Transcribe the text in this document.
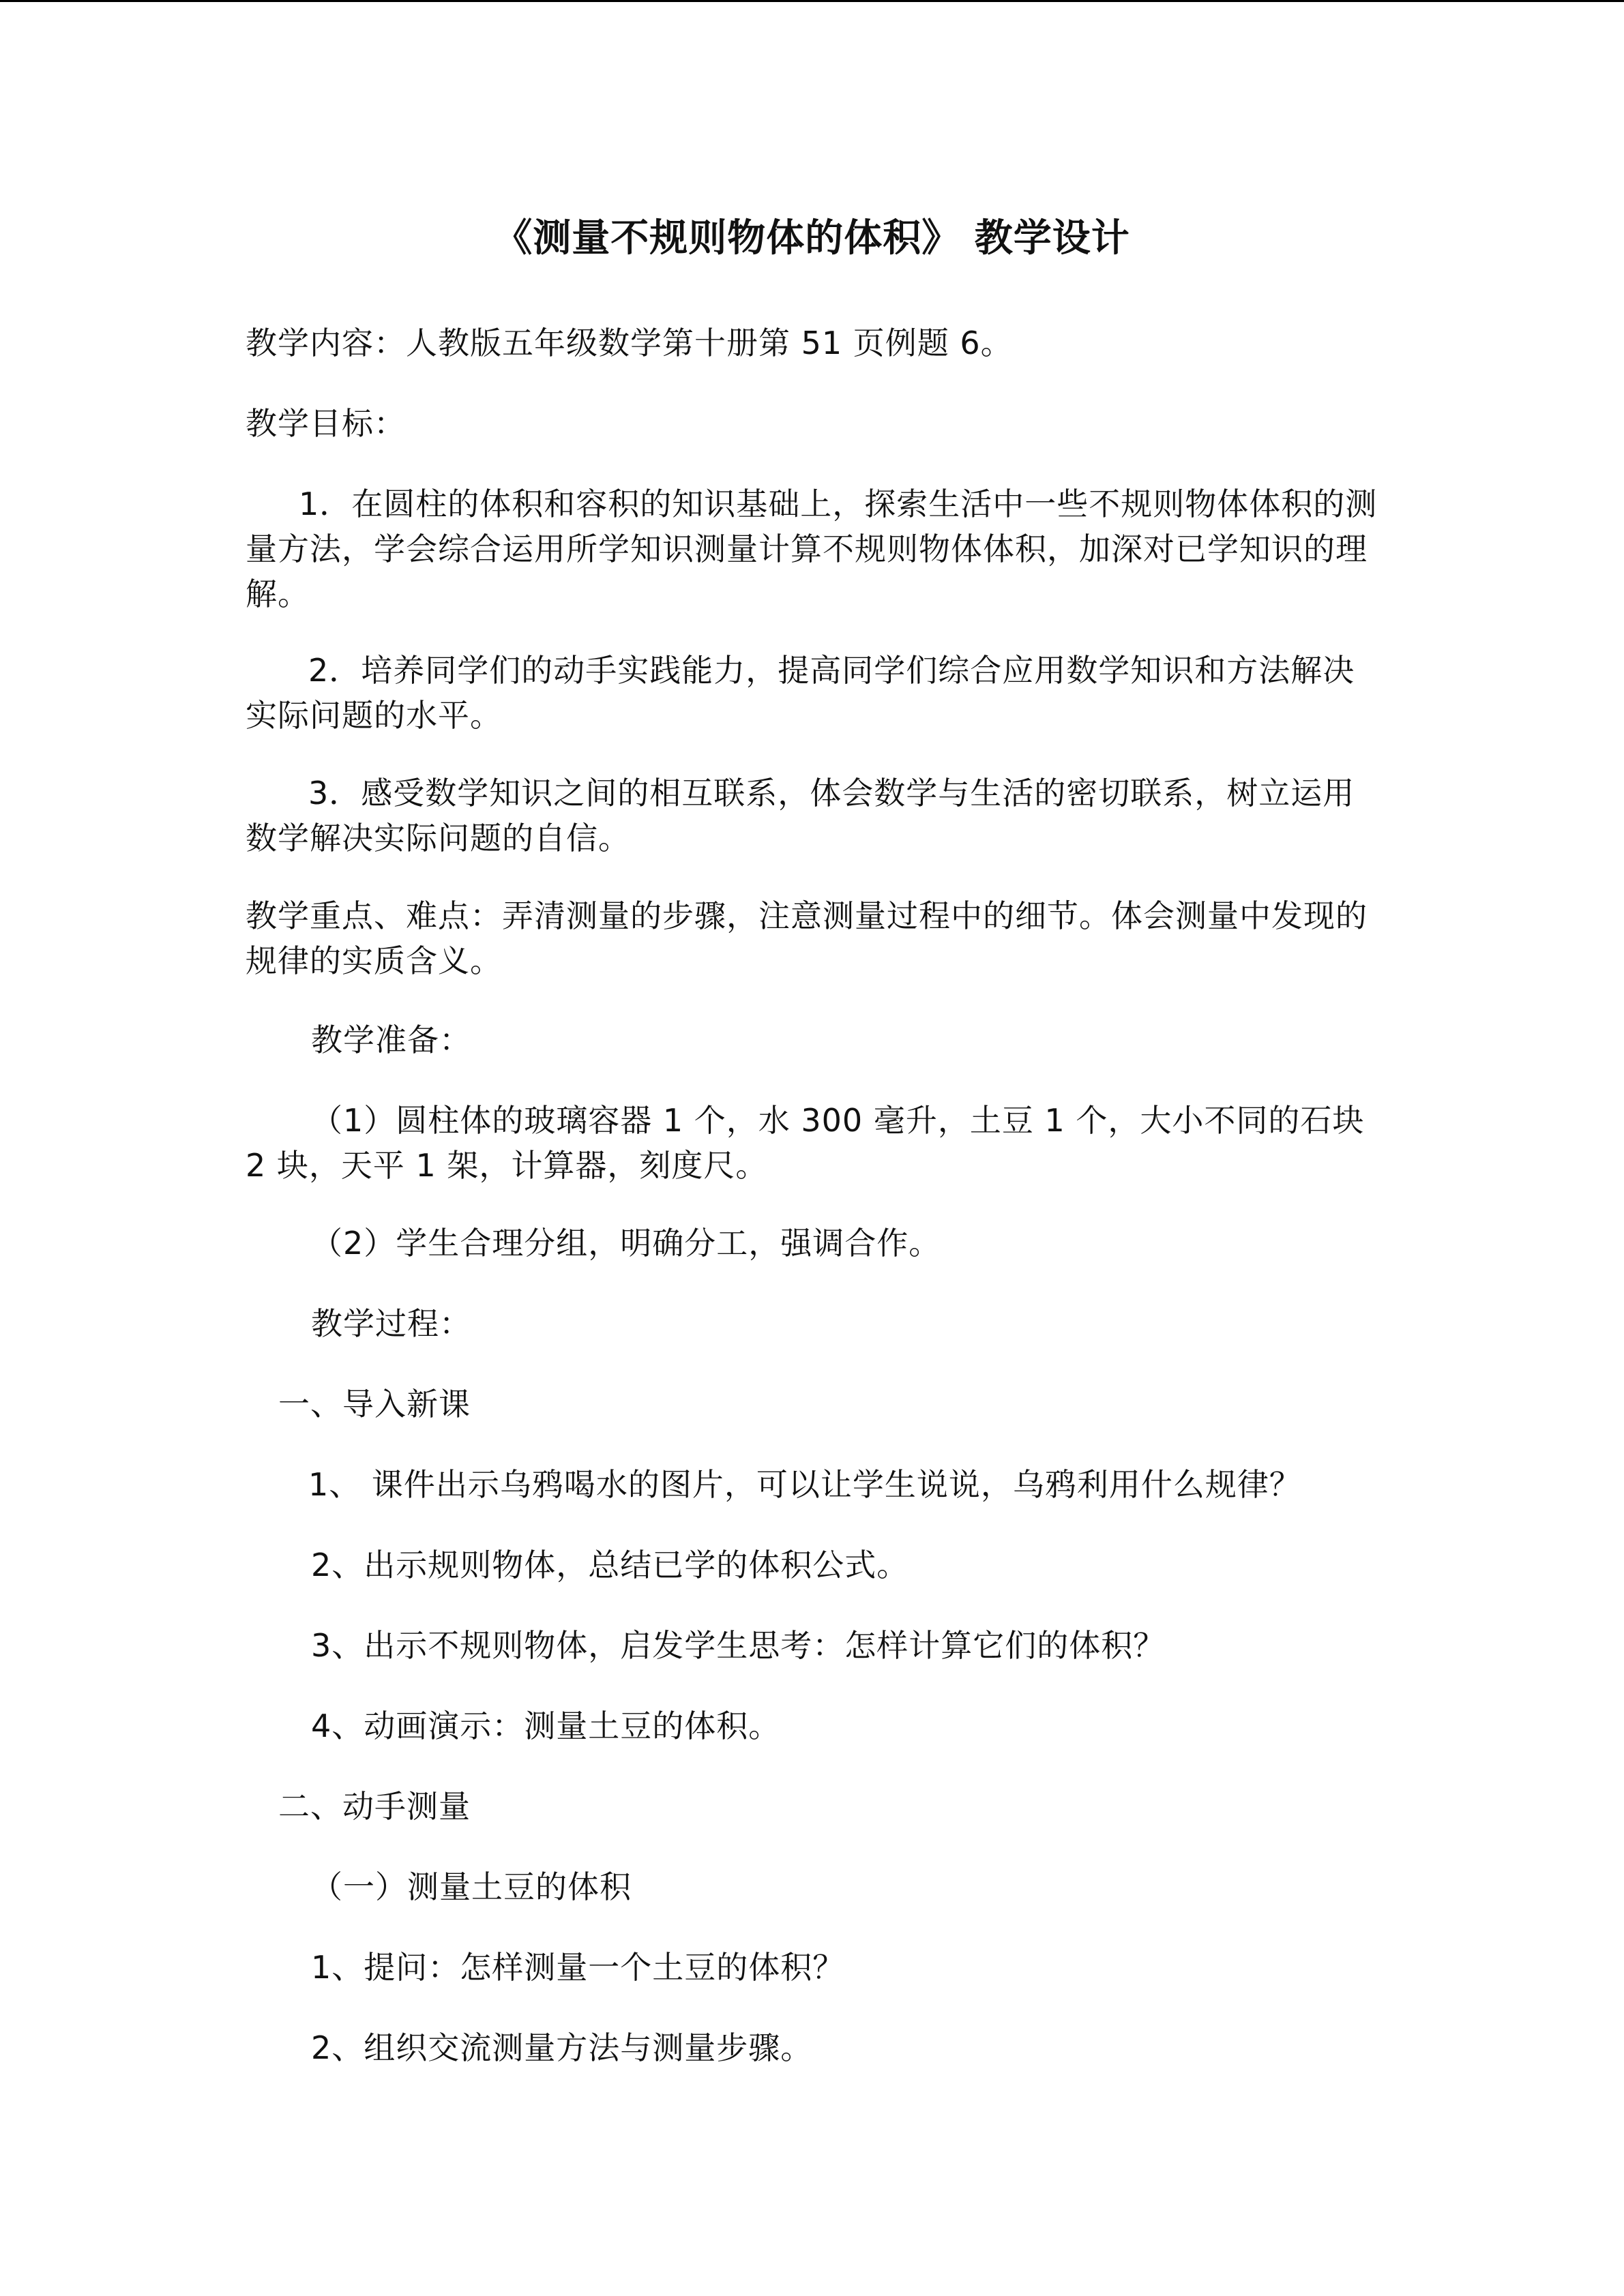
《测量不规则物体的体积》 教学设计

教学内容：人教版五年级数学第十册第 51 页例题 6。

教学目标：

1．在圆柱的体积和容积的知识基础上，探索生活中一些不规则物体体积的测量方法，学会综合运用所学知识测量计算不规则物体体积，加深对已学知识的理解。

2．培养同学们的动手实践能力，提高同学们综合应用数学知识和方法解决实际问题的水平。

3．感受数学知识之间的相互联系，体会数学与生活的密切联系，树立运用数学解决实际问题的自信。

教学重点、难点：弄清测量的步骤，注意测量过程中的细节。体会测量中发现的规律的实质含义。

教学准备：

（1）圆柱体的玻璃容器 1 个，水 300 毫升，土豆 1 个，大小不同的石块 2 块，天平 1 架，计算器，刻度尺。

（2）学生合理分组，明确分工，强调合作。

教学过程：

一、导入新课

1、 课件出示乌鸦喝水的图片，可以让学生说说，乌鸦利用什么规律？

2、出示规则物体，总结已学的体积公式。

3、出示不规则物体，启发学生思考：怎样计算它们的体积？

4、动画演示：测量土豆的体积。

二、动手测量

（一）测量土豆的体积

1、提问：怎样测量一个土豆的体积？

2、组织交流测量方法与测量步骤。
